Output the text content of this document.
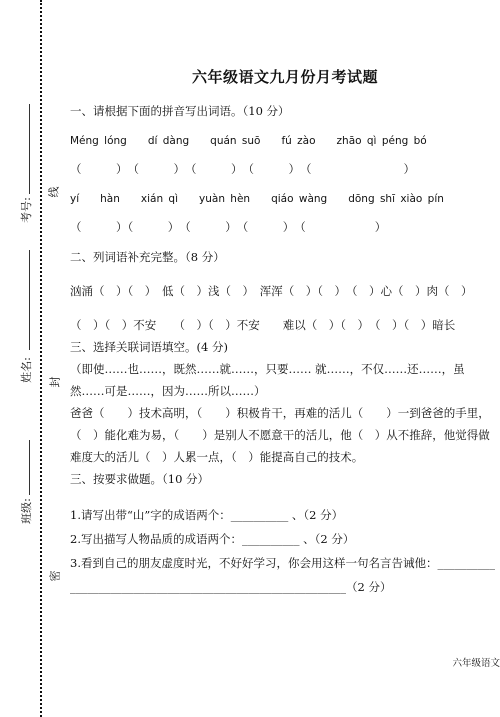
考号:
线
姓名: 封
班级:
密
六年级语文九月份月考试题
一、请根据下面的拼音写出词语。（10 分）
Méng lóng　　dí dàng　　quán suō　　fú zào　　zhāo qì péng bó
（　　　）　（　　　）　（　　　）　（　　　）　（　　　　　　　　）
yí　　hàn　　xián qì　　yuàn hèn　　qiáo wàng　　dōng shī xiào pín
（　　　）（　　　）　（　　　）　（　　　）　（　　　　　　）
二、列词语补充完整。（8 分）
汹涌（　）（　）　低（　）浅（　）　浑浑（　）（　）　（　）心（　）肉（　）
（　）（　）不安　　（　）（　）不安　　难以（　）（　）　（　）（　）暗长
三、选择关联词语填空。(4 分)
（即使……也……，既然……就……，只要…… 就……，不仅……还……，虽然……可是……，因为……所以……）
爸爸（　　）技术高明，（　　）积极肯干，再难的活儿（　　）一到爸爸的手里，（　）能化难为易，（　　）是别人不愿意干的活儿，他（　）从不推辞，他觉得做难度大的活儿（　）人累一点，（　）能提高自己的技术。
三、按要求做题。（10 分）
1.请写出带“山”字的成语两个：__________ 、（2 分）
2.写出描写人物品质的成语两个：__________ 、（2 分）
3.看到自己的朋友虚度时光，不好好学习，你会用这样一句名言告诫他：__________
________________________________________________（2 分）
六年级语文
